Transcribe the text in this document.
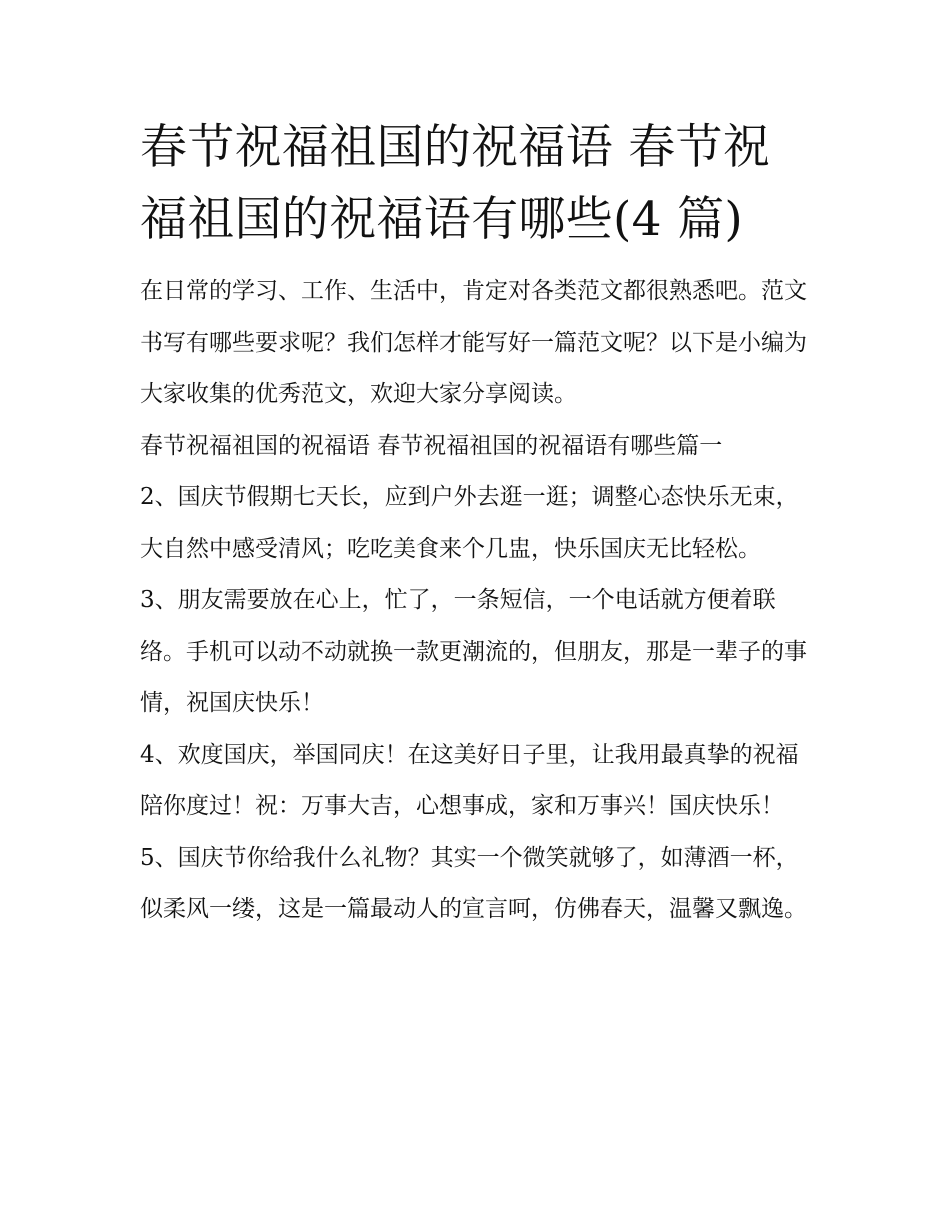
春节祝福祖国的祝福语 春节祝福祖国的祝福语有哪些(4 篇)

在日常的学习、工作、生活中，肯定对各类范文都很熟悉吧。范文书写有哪些要求呢？我们怎样才能写好一篇范文呢？以下是小编为大家收集的优秀范文，欢迎大家分享阅读。

春节祝福祖国的祝福语 春节祝福祖国的祝福语有哪些篇一

2、国庆节假期七天长，应到户外去逛一逛；调整心态快乐无束，大自然中感受清风；吃吃美食来个几盅，快乐国庆无比轻松。

3、朋友需要放在心上，忙了，一条短信，一个电话就方便着联络。手机可以动不动就换一款更潮流的，但朋友，那是一辈子的事情，祝国庆快乐！

4、欢度国庆，举国同庆！在这美好日子里，让我用最真挚的祝福陪你度过！祝：万事大吉，心想事成，家和万事兴！国庆快乐！

5、国庆节你给我什么礼物？其实一个微笑就够了，如薄酒一杯，似柔风一缕，这是一篇最动人的宣言呵，仿佛春天，温馨又飘逸。
